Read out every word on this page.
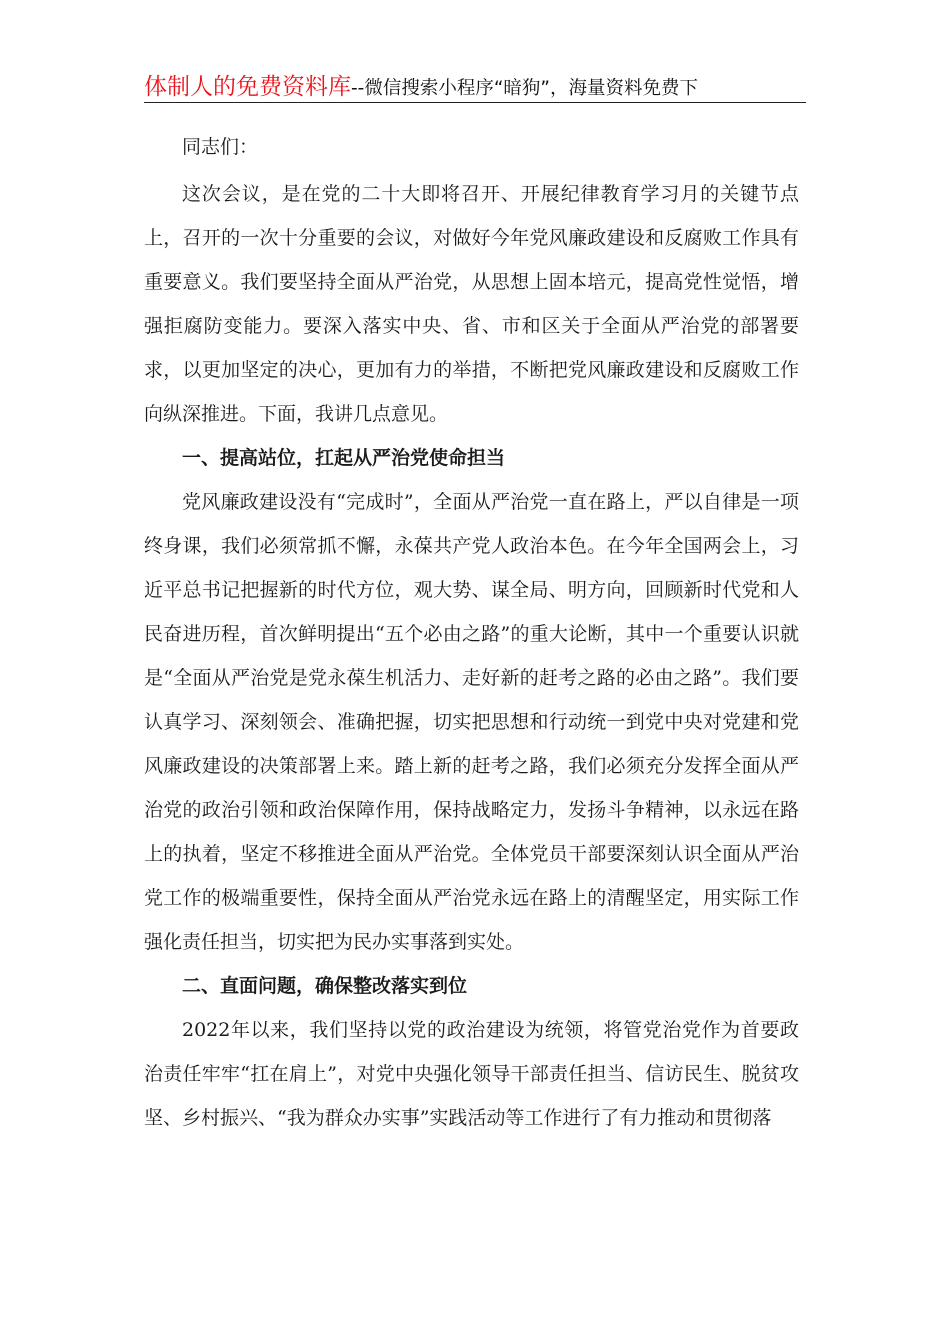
体制人的免费资料库--微信搜索小程序“暗狗”，海量资料免费下

同志们：

这次会议，是在党的二十大即将召开、开展纪律教育学习月的关键节点上，召开的一次十分重要的会议，对做好今年党风廉政建设和反腐败工作具有重要意义。我们要坚持全面从严治党，从思想上固本培元，提高党性觉悟，增强拒腐防变能力。要深入落实中央、省、市和区关于全面从严治党的部署要求，以更加坚定的决心，更加有力的举措，不断把党风廉政建设和反腐败工作向纵深推进。下面，我讲几点意见。

一、提高站位，扛起从严治党使命担当

党风廉政建设没有“完成时”，全面从严治党一直在路上，严以自律是一项终身课，我们必须常抓不懈，永葆共产党人政治本色。在今年全国两会上，习近平总书记把握新的时代方位，观大势、谋全局、明方向，回顾新时代党和人民奋进历程，首次鲜明提出“五个必由之路”的重大论断，其中一个重要认识就是“全面从严治党是党永葆生机活力、走好新的赶考之路的必由之路”。我们要认真学习、深刻领会、准确把握，切实把思想和行动统一到党中央对党建和党风廉政建设的决策部署上来。踏上新的赶考之路，我们必须充分发挥全面从严治党的政治引领和政治保障作用，保持战略定力，发扬斗争精神，以永远在路上的执着，坚定不移推进全面从严治党。全体党员干部要深刻认识全面从严治党工作的极端重要性，保持全面从严治党永远在路上的清醒坚定，用实际工作强化责任担当，切实把为民办实事落到实处。

二、直面问题，确保整改落实到位

2022年以来，我们坚持以党的政治建设为统领，将管党治党作为首要政治责任牢牢“扛在肩上”，对党中央强化领导干部责任担当、信访民生、脱贫攻坚、乡村振兴、“我为群众办实事”实践活动等工作进行了有力推动和贯彻落
